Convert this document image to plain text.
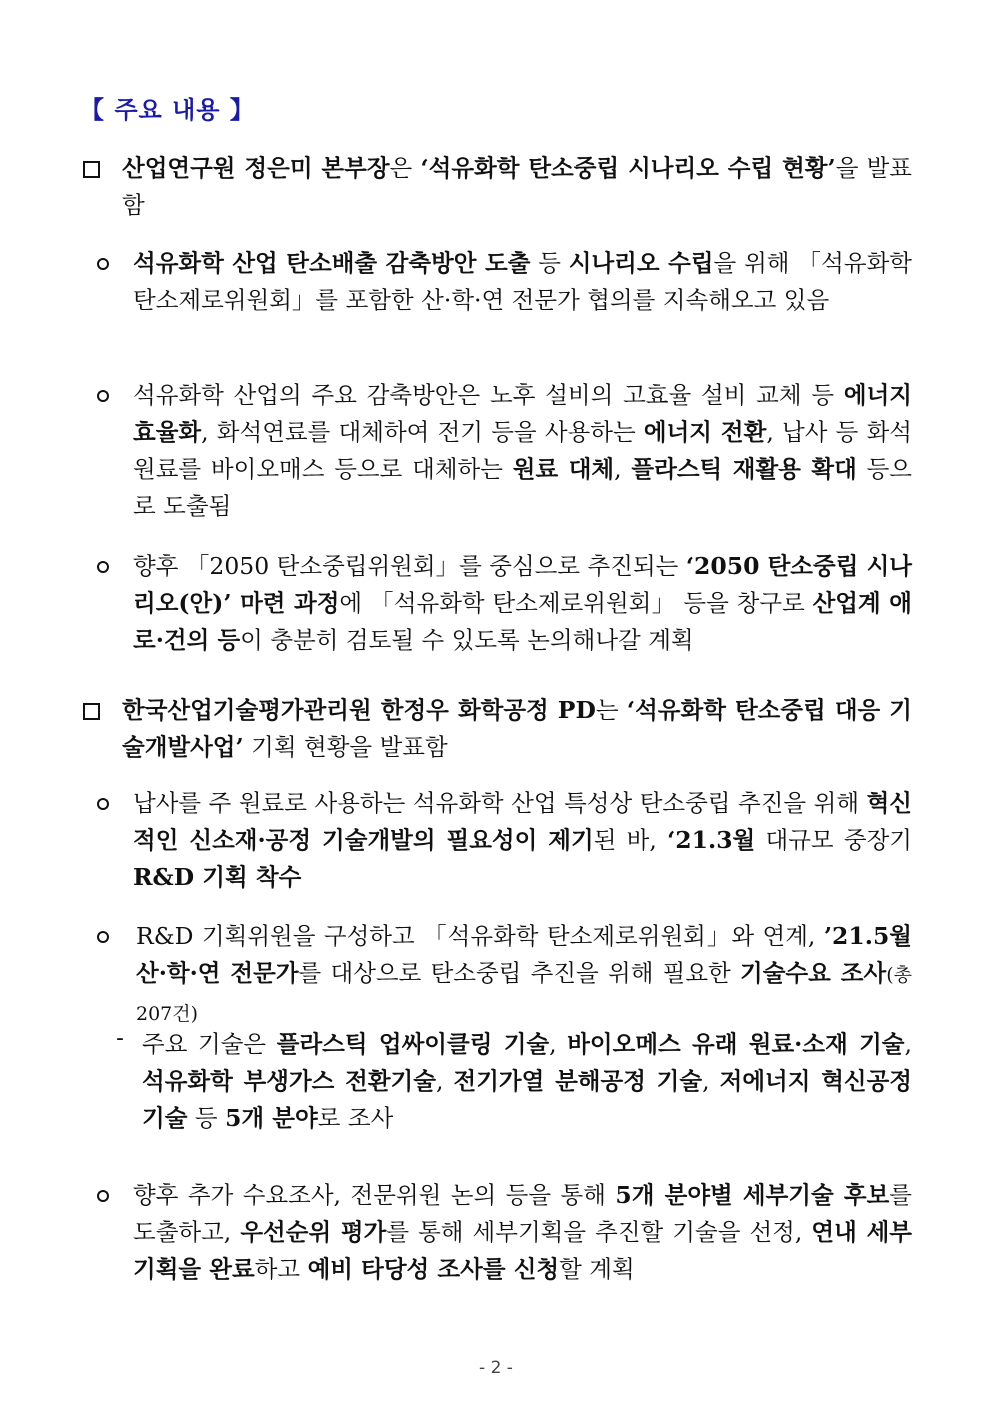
【 주요 내용 】
산업연구원 정은미 본부장은 ‘석유화학 탄소중립 시나리오 수립 현황’을 발표함
석유화학 산업 탄소배출 감축방안 도출 등 시나리오 수립을 위해 「석유화학 탄소제로위원회」를 포함한 산·학·연 전문가 협의를 지속해오고 있음
석유화학 산업의 주요 감축방안은 노후 설비의 고효율 설비 교체 등 에너지 효율화, 화석연료를 대체하여 전기 등을 사용하는 에너지 전환, 납사 등 화석원료를 바이오매스 등으로 대체하는 원료 대체, 플라스틱 재활용 확대 등으로 도출됨
향후 「2050 탄소중립위원회」를 중심으로 추진되는 ‘2050 탄소중립 시나리오(안)’ 마련 과정에 「석유화학 탄소제로위원회」 등을 창구로 산업계 애로·건의 등이 충분히 검토될 수 있도록 논의해나갈 계획
한국산업기술평가관리원 한정우 화학공정 PD는 ‘석유화학 탄소중립 대응 기술개발사업’ 기획 현황을 발표함
납사를 주 원료로 사용하는 석유화학 산업 특성상 탄소중립 추진을 위해 혁신적인 신소재·공정 기술개발의 필요성이 제기된 바, ‘21.3월 대규모 중장기 R&D 기획 착수
R&D 기획위원을 구성하고 「석유화학 탄소제로위원회」와 연계, ’21.5월 산·학·연 전문가를 대상으로 탄소중립 추진을 위해 필요한 기술수요 조사(총 207건)
- 주요 기술은 플라스틱 업싸이클링 기술, 바이오메스 유래 원료·소재 기술, 석유화학 부생가스 전환기술, 전기가열 분해공정 기술, 저에너지 혁신공정 기술 등 5개 분야로 조사
향후 추가 수요조사, 전문위원 논의 등을 통해 5개 분야별 세부기술 후보를 도출하고, 우선순위 평가를 통해 세부기획을 추진할 기술을 선정, 연내 세부기획을 완료하고 예비 타당성 조사를 신청할 계획
- 2 -
